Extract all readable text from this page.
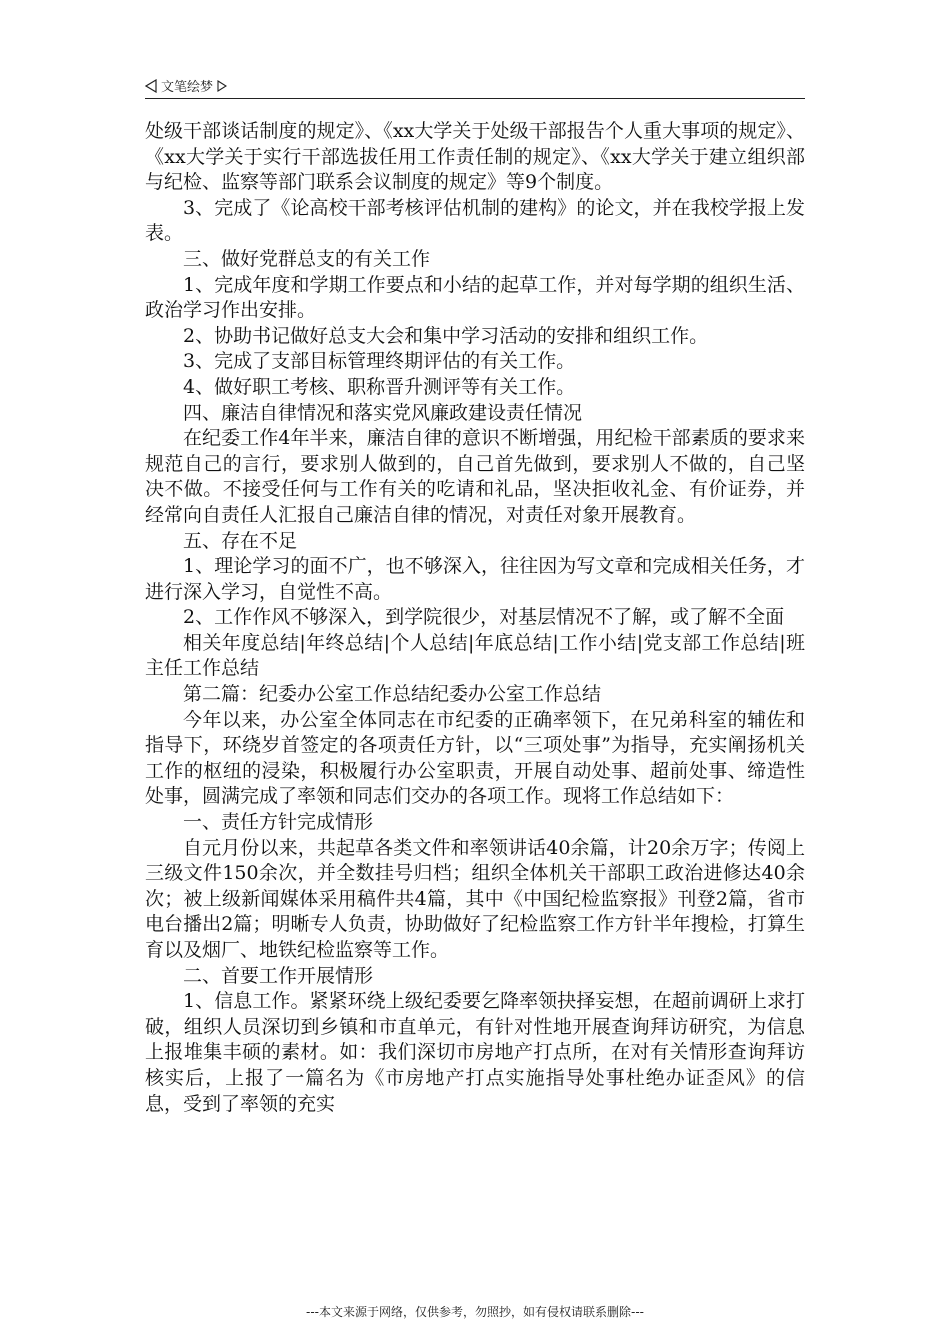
文笔绘梦

处级干部谈话制度的规定》、《xx大学关于处级干部报告个人重大事项的规定》、《xx大学关于实行干部选拔任用工作责任制的规定》、《xx大学关于建立组织部与纪检、监察等部门联系会议制度的规定》等9个制度。

3、完成了《论高校干部考核评估机制的建构》的论文，并在我校学报上发表。

三、做好党群总支的有关工作

1、完成年度和学期工作要点和小结的起草工作，并对每学期的组织生活、政治学习作出安排。

2、协助书记做好总支大会和集中学习活动的安排和组织工作。

3、完成了支部目标管理终期评估的有关工作。

4、做好职工考核、职称晋升测评等有关工作。

四、廉洁自律情况和落实党风廉政建设责任情况

在纪委工作4年半来，廉洁自律的意识不断增强，用纪检干部素质的要求来规范自己的言行，要求别人做到的，自己首先做到，要求别人不做的，自己坚决不做。不接受任何与工作有关的吃请和礼品，坚决拒收礼金、有价证券，并经常向自责任人汇报自己廉洁自律的情况，对责任对象开展教育。

五、存在不足

1、理论学习的面不广，也不够深入，往往因为写文章和完成相关任务，才进行深入学习，自觉性不高。

2、工作作风不够深入，到学院很少，对基层情况不了解，或了解不全面

相关年度总结|年终总结|个人总结|年底总结|工作小结|党支部工作总结|班主任工作总结

第二篇：纪委办公室工作总结纪委办公室工作总结

今年以来，办公室全体同志在市纪委的正确率领下，在兄弟科室的辅佐和指导下，环绕岁首签定的各项责任方针，以“三项处事”为指导，充实阐扬机关工作的枢纽的浸染，积极履行办公室职责，开展自动处事、超前处事、缔造性处事，圆满完成了率领和同志们交办的各项工作。现将工作总结如下：

一、责任方针完成情形

自元月份以来，共起草各类文件和率领讲话40余篇，计20余万字；传阅上三级文件150余次，并全数挂号归档；组织全体机关干部职工政治进修达40余次；被上级新闻媒体采用稿件共4篇，其中《中国纪检监察报》刊登2篇，省市电台播出2篇；明晰专人负责，协助做好了纪检监察工作方针半年搜检，打算生育以及烟厂、地铁纪检监察等工作。

二、首要工作开展情形

1、信息工作。紧紧环绕上级纪委要乞降率领抉择妄想，在超前调研上求打破，组织人员深切到乡镇和市直单元，有针对性地开展查询拜访研究，为信息上报堆集丰硕的素材。如：我们深切市房地产打点所，在对有关情形查询拜访核实后，上报了一篇名为《市房地产打点实施指导处事杜绝办证歪风》的信息，受到了率领的充实

---本文来源于网络，仅供参考，勿照抄，如有侵权请联系删除---
